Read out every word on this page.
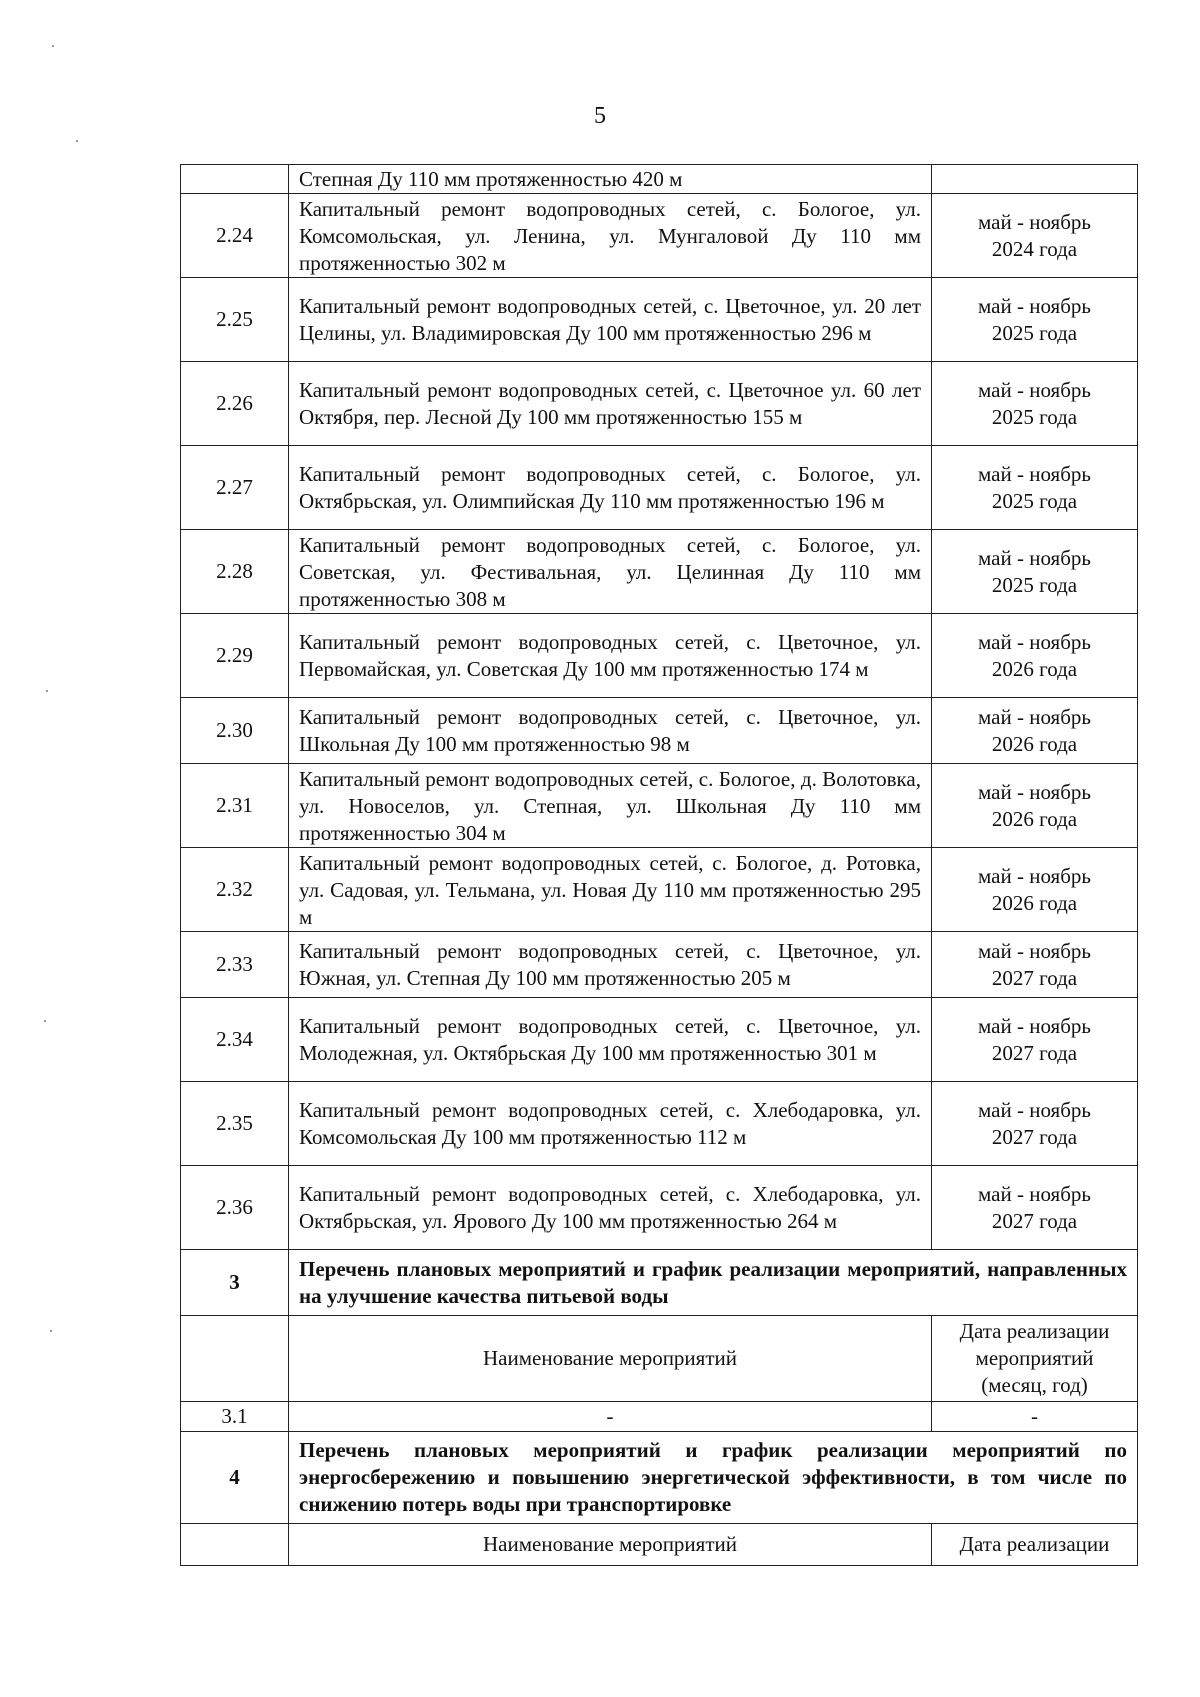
5
	Степная Ду 110 мм протяженностью 420 м	
2.24	Капитальный ремонт водопроводных сетей, с. Бологое, ул. Комсомольская, ул. Ленина, ул. Мунгаловой Ду 110 мм протяженностью 302 м	май - ноябрь
2024 года

2.25	Капитальный ремонт водопроводных сетей, с. Цветочное, ул. 20 лет Целины, ул. Владимировская Ду 100 мм протяженностью 296 м	май - ноябрь
2025 года

2.26	Капитальный ремонт водопроводных сетей, с. Цветочное ул. 60 лет Октября, пер. Лесной Ду 100 мм протяженностью 155 м	май - ноябрь
2025 года

2.27	Капитальный ремонт водопроводных сетей, с. Бологое, ул. Октябрьская, ул. Олимпийская Ду 110 мм протяженностью 196 м	май - ноябрь
2025 года

2.28	Капитальный ремонт водопроводных сетей, с. Бологое, ул. Советская, ул. Фестивальная, ул. Целинная Ду 110 мм протяженностью 308 м	май - ноябрь
2025 года

2.29	Капитальный ремонт водопроводных сетей, с. Цветочное, ул. Первомайская, ул. Советская Ду 100 мм протяженностью 174 м	май - ноябрь
2026 года

2.30	Капитальный ремонт водопроводных сетей, с. Цветочное, ул. Школьная Ду 100 мм протяженностью 98 м	май - ноябрь
2026 года

2.31	Капитальный ремонт водопроводных сетей, с. Бологое, д. Волотовка, ул. Новоселов, ул. Степная, ул. Школьная Ду 110 мм протяженностью 304 м	май - ноябрь
2026 года

2.32	Капитальный ремонт водопроводных сетей, с. Бологое, д. Ротовка, ул. Садовая, ул. Тельмана, ул. Новая Ду 110 мм протяженностью 295 м	май - ноябрь
2026 года

2.33	Капитальный ремонт водопроводных сетей, с. Цветочное, ул. Южная, ул. Степная Ду 100 мм протяженностью 205 м	май - ноябрь
2027 года

2.34	Капитальный ремонт водопроводных сетей, с. Цветочное, ул. Молодежная, ул. Октябрьская Ду 100 мм протяженностью 301 м	май - ноябрь
2027 года

2.35	Капитальный ремонт водопроводных сетей, с. Хлебодаровка, ул. Комсомольская Ду 100 мм протяженностью 112 м	май - ноябрь
2027 года

2.36	Капитальный ремонт водопроводных сетей, с. Хлебодаровка, ул. Октябрьская, ул. Ярового Ду 100 мм протяженностью 264 м	май - ноябрь
2027 года

3	Перечень плановых мероприятий и график реализации мероприятий, направленных на улучшение качества питьевой воды	
	Наименование мероприятий	Дата реализации
мероприятий
(месяц, год)

3.1	-	-
4	Перечень плановых мероприятий и график реализации мероприятий по энергосбережению и повышению энергетической эффективности, в том числе по снижению потерь воды при транспортировке	
	Наименование мероприятий	Дата реализации
